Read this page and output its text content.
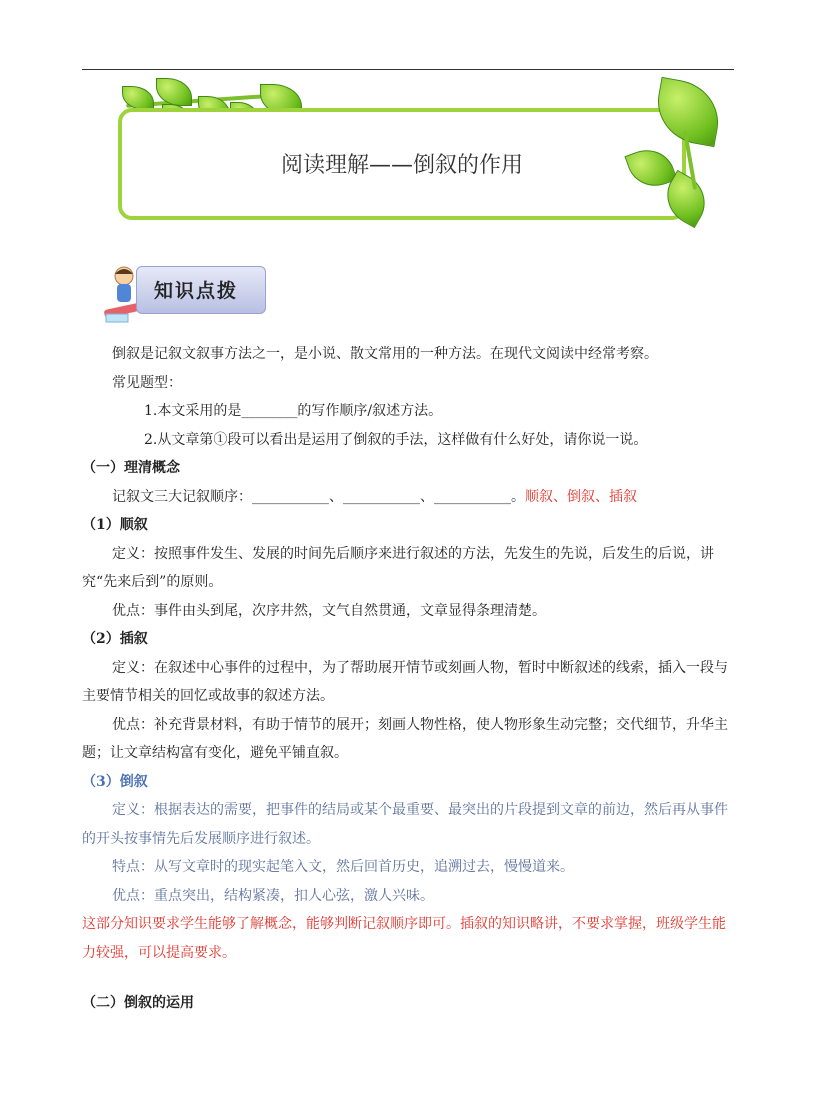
阅读理解——倒叙的作用
知识点拨

倒叙是记叙文叙事方法之一，是小说、散文常用的一种方法。在现代文阅读中经常考察。

常见题型：

1.本文采用的是________的写作顺序/叙述方法。

2.从文章第①段可以看出是运用了倒叙的手法，这样做有什么好处，请你说一说。

（一）理清概念

记叙文三大记叙顺序：___________、___________、___________。顺叙、倒叙、插叙

（1）顺叙

定义：按照事件发生、发展的时间先后顺序来进行叙述的方法，先发生的先说，后发生的后说，讲究“先来后到”的原则。

优点：事件由头到尾，次序井然，文气自然贯通，文章显得条理清楚。

（2）插叙

定义：在叙述中心事件的过程中，为了帮助展开情节或刻画人物，暂时中断叙述的线索，插入一段与主要情节相关的回忆或故事的叙述方法。

优点：补充背景材料，有助于情节的展开；刻画人物性格，使人物形象生动完整；交代细节，升华主题；让文章结构富有变化，避免平铺直叙。

（3）倒叙

定义：根据表达的需要，把事件的结局或某个最重要、最突出的片段提到文章的前边，然后再从事件的开头按事情先后发展顺序进行叙述。

特点：从写文章时的现实起笔入文，然后回首历史，追溯过去，慢慢道来。

优点：重点突出，结构紧凑，扣人心弦，激人兴味。

这部分知识要求学生能够了解概念，能够判断记叙顺序即可。插叙的知识略讲，不要求掌握，班级学生能力较强，可以提高要求。

（二）倒叙的运用
